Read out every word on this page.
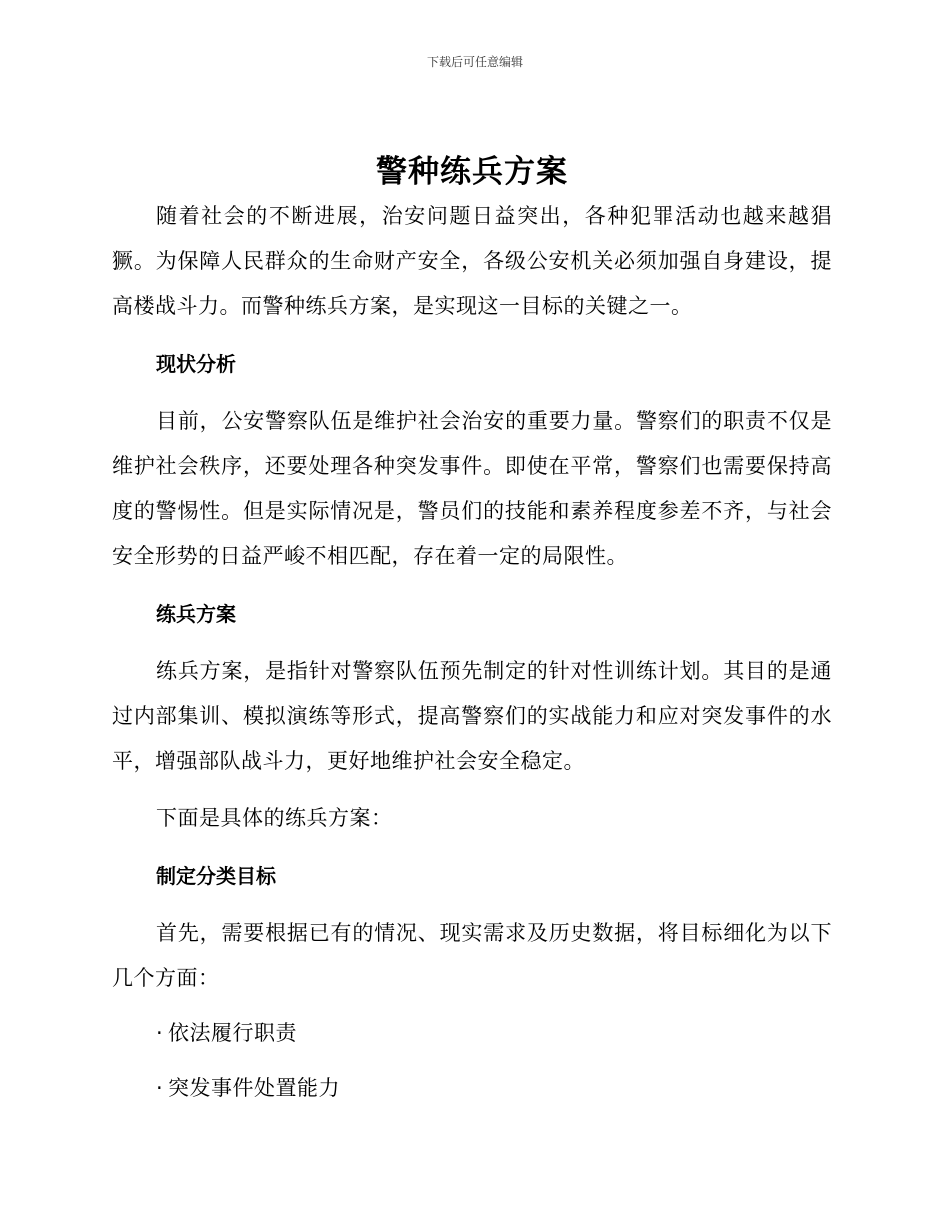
下载后可任意编辑
警种练兵方案

随着社会的不断进展，治安问题日益突出，各种犯罪活动也越来越猖獗。为保障人民群众的生命财产安全，各级公安机关必须加强自身建设，提高楼战斗力。而警种练兵方案，是实现这一目标的关键之一。

现状分析

目前，公安警察队伍是维护社会治安的重要力量。警察们的职责不仅是维护社会秩序，还要处理各种突发事件。即使在平常，警察们也需要保持高度的警惕性。但是实际情况是，警员们的技能和素养程度参差不齐，与社会安全形势的日益严峻不相匹配，存在着一定的局限性。

练兵方案

练兵方案，是指针对警察队伍预先制定的针对性训练计划。其目的是通过内部集训、模拟演练等形式，提高警察们的实战能力和应对突发事件的水平，增强部队战斗力，更好地维护社会安全稳定。

下面是具体的练兵方案：

制定分类目标

首先，需要根据已有的情况、现实需求及历史数据，将目标细化为以下几个方面：

· 依法履行职责
· 突发事件处置能力
